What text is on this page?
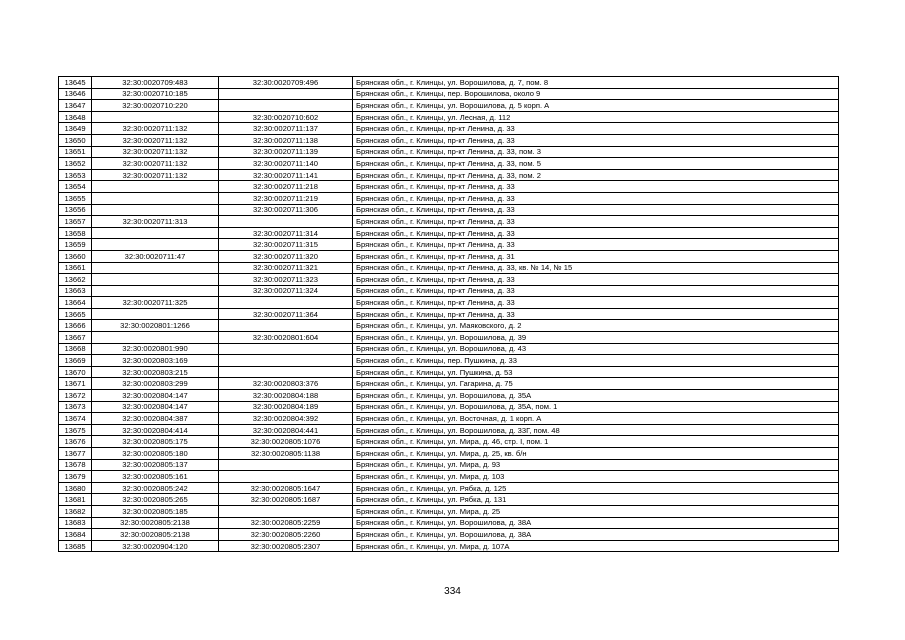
13645	32:30:0020709:483	32:30:0020709:496	Брянская обл., г. Клинцы, ул. Ворошилова, д. 7, пом. 8
13646	32:30:0020710:185		Брянская обл., г. Клинцы, пер. Ворошилова, около 9
13647	32:30:0020710:220		Брянская обл., г. Клинцы, ул. Ворошилова, д. 5 корп. А
13648		32:30:0020710:602	Брянская обл., г. Клинцы, ул. Лесная, д. 112
13649	32:30:0020711:132	32:30:0020711:137	Брянская обл., г. Клинцы, пр-кт Ленина, д. 33
13650	32:30:0020711:132	32:30:0020711:138	Брянская обл., г. Клинцы, пр-кт Ленина, д. 33
13651	32:30:0020711:132	32:30:0020711:139	Брянская обл., г. Клинцы, пр-кт Ленина, д. 33, пом. 3
13652	32:30:0020711:132	32:30:0020711:140	Брянская обл., г. Клинцы, пр-кт Ленина, д. 33, пом. 5
13653	32:30:0020711:132	32:30:0020711:141	Брянская обл., г. Клинцы, пр-кт Ленина, д. 33, пом. 2
13654		32:30:0020711:218	Брянская обл., г. Клинцы, пр-кт Ленина, д. 33
13655		32:30:0020711:219	Брянская обл., г. Клинцы, пр-кт Ленина, д. 33
13656		32:30:0020711:306	Брянская обл., г. Клинцы, пр-кт Ленина, д. 33
13657	32:30:0020711:313		Брянская обл., г. Клинцы, пр-кт Ленина, д. 33
13658		32:30:0020711:314	Брянская обл., г. Клинцы, пр-кт Ленина, д. 33
13659		32:30:0020711:315	Брянская обл., г. Клинцы, пр-кт Ленина, д. 33
13660	32:30:0020711:47	32:30:0020711:320	Брянская обл., г. Клинцы, пр-кт Ленина, д. 31
13661		32:30:0020711:321	Брянская обл., г. Клинцы, пр-кт Ленина, д. 33, кв. № 14, № 15
13662		32:30:0020711:323	Брянская обл., г. Клинцы, пр-кт Ленина, д. 33
13663		32:30:0020711:324	Брянская обл., г. Клинцы, пр-кт Ленина, д. 33
13664	32:30:0020711:325		Брянская обл., г. Клинцы, пр-кт Ленина, д. 33
13665		32:30:0020711:364	Брянская обл., г. Клинцы, пр-кт Ленина, д. 33
13666	32:30:0020801:1266		Брянская обл., г. Клинцы, ул. Маяковского, д. 2
13667		32:30:0020801:604	Брянская обл., г. Клинцы, ул. Ворошилова, д. 39
13668	32:30:0020801:990		Брянская обл., г. Клинцы, ул. Ворошилова, д. 43
13669	32:30:0020803:169		Брянская обл., г. Клинцы, пер. Пушкина, д. 33
13670	32:30:0020803:215		Брянская обл., г. Клинцы, ул. Пушкина, д. 53
13671	32:30:0020803:299	32:30:0020803:376	Брянская обл., г. Клинцы, ул. Гагарина, д. 75
13672	32:30:0020804:147	32:30:0020804:188	Брянская обл., г. Клинцы, ул. Ворошилова, д. 35А
13673	32:30:0020804:147	32:30:0020804:189	Брянская обл., г. Клинцы, ул. Ворошилова, д. 35А, пом. 1
13674	32:30:0020804:387	32:30:0020804:392	Брянская обл., г. Клинцы, ул. Восточная, д. 1 корп. А
13675	32:30:0020804:414	32:30:0020804:441	Брянская обл., г. Клинцы, ул. Ворошилова, д. 33Г, пом. 48
13676	32:30:0020805:175	32:30:0020805:1076	Брянская обл., г. Клинцы, ул. Мира, д. 46, стр. I, пом. 1
13677	32:30:0020805:180	32:30:0020805:1138	Брянская обл., г. Клинцы, ул. Мира, д. 25, кв. б/н
13678	32:30:0020805:137		Брянская обл., г. Клинцы, ул. Мира, д. 93
13679	32:30:0020805:161		Брянская обл., г. Клинцы, ул. Мира, д. 103
13680	32:30:0020805:242	32:30:0020805:1647	Брянская обл., г. Клинцы, ул. Рябка, д. 125
13681	32:30:0020805:265	32:30:0020805:1687	Брянская обл., г. Клинцы, ул. Рябка, д. 131
13682	32:30:0020805:185		Брянская обл., г. Клинцы, ул. Мира, д. 25
13683	32:30:0020805:2138	32:30:0020805:2259	Брянская обл., г. Клинцы, ул. Ворошилова, д. 38А
13684	32:30:0020805:2138	32:30:0020805:2260	Брянская обл., г. Клинцы, ул. Ворошилова, д. 38А
13685	32:30:0020904:120	32:30:0020805:2307	Брянская обл., г. Клинцы, ул. Мира, д. 107А
334
